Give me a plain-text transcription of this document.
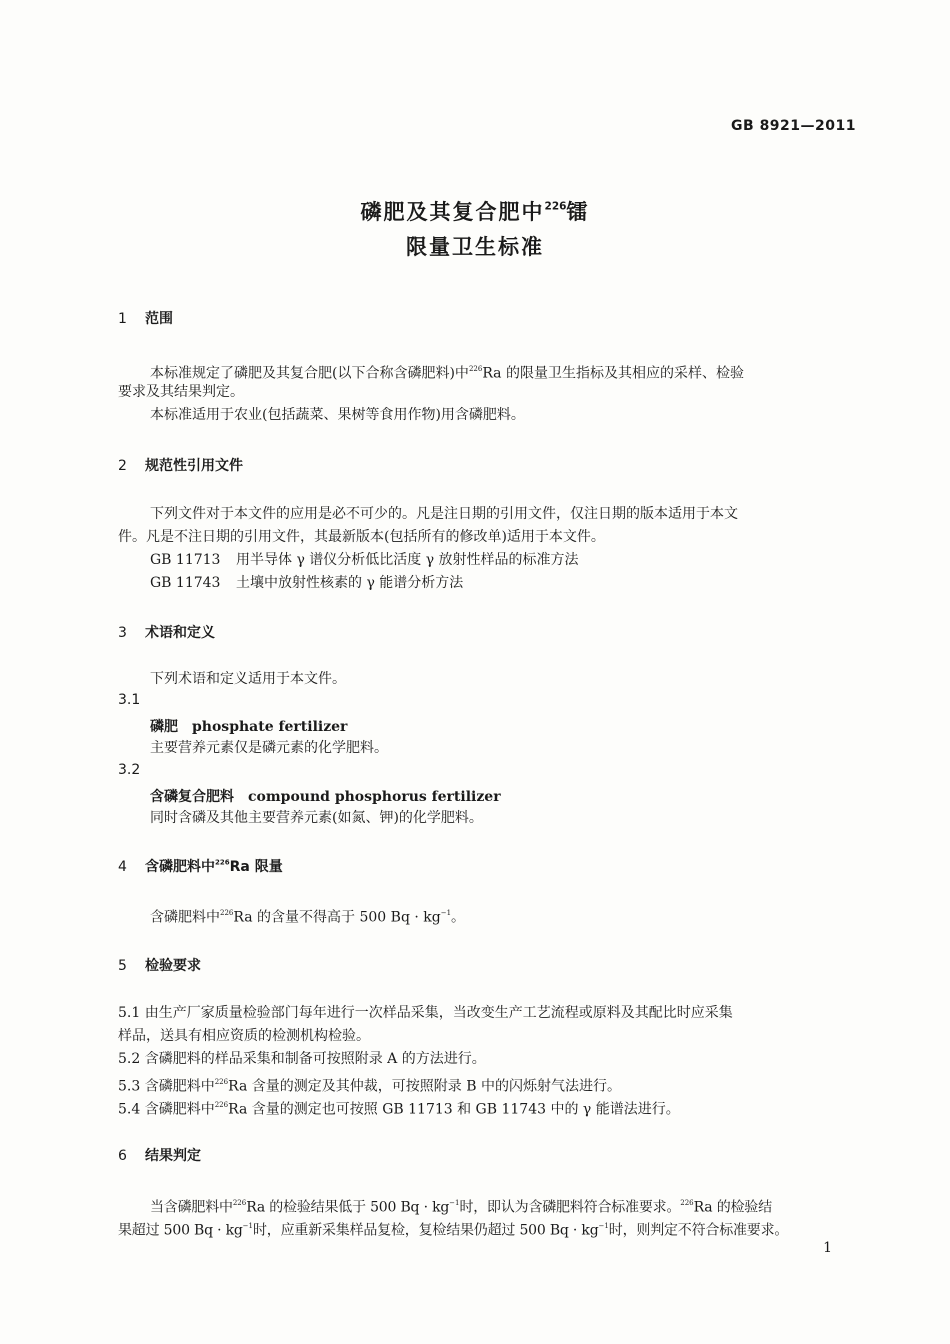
GB 8921—2011
磷肥及其复合肥中$^{226}$镭
限量卫生标准
1 范围
本标准规定了磷肥及其复合肥(以下合称含磷肥料)中$^{226}$Ra 的限量卫生指标及其相应的采样、检验
要求及其结果判定。
本标准适用于农业(包括蔬菜、果树等食用作物)用含磷肥料。
2 规范性引用文件
下列文件对于本文件的应用是必不可少的。凡是注日期的引用文件，仅注日期的版本适用于本文
件。凡是不注日期的引用文件，其最新版本(包括所有的修改单)适用于本文件。
GB 11713 用半导体 γ 谱仪分析低比活度 γ 放射性样品的标准方法
GB 11743 土壤中放射性核素的 γ 能谱分析方法
3 术语和定义
下列术语和定义适用于本文件。
3.1
磷肥 phosphate fertilizer
主要营养元素仅是磷元素的化学肥料。
3.2
含磷复合肥料 compound phosphorus fertilizer
同时含磷及其他主要营养元素(如氮、钾)的化学肥料。
4 含磷肥料中$^{226}$Ra 限量
含磷肥料中$^{226}$Ra 的含量不得高于 500 $Bq \cdot kg^{-1}$。
5 检验要求
5.1 由生产厂家质量检验部门每年进行一次样品采集，当改变生产工艺流程或原料及其配比时应采集
样品，送具有相应资质的检测机构检验。
5.2 含磷肥料的样品采集和制备可按照附录 A 的方法进行。
5.3 含磷肥料中$^{226}$Ra 含量的测定及其仲裁，可按照附录 B 中的闪烁射气法进行。
5.4 含磷肥料中$^{226}$Ra 含量的测定也可按照 GB 11713 和 GB 11743 中的 γ 能谱法进行。
6 结果判定
当含磷肥料中$^{226}$Ra 的检验结果低于 500 $Bq \cdot kg^{-1}$时，即认为含磷肥料符合标准要求。$^{226}$Ra 的检验结
果超过 500 $Bq \cdot kg^{-1}$时，应重新采集样品复检，复检结果仍超过 500 $Bq \cdot kg^{-1}$时，则判定不符合标准要求。
1
